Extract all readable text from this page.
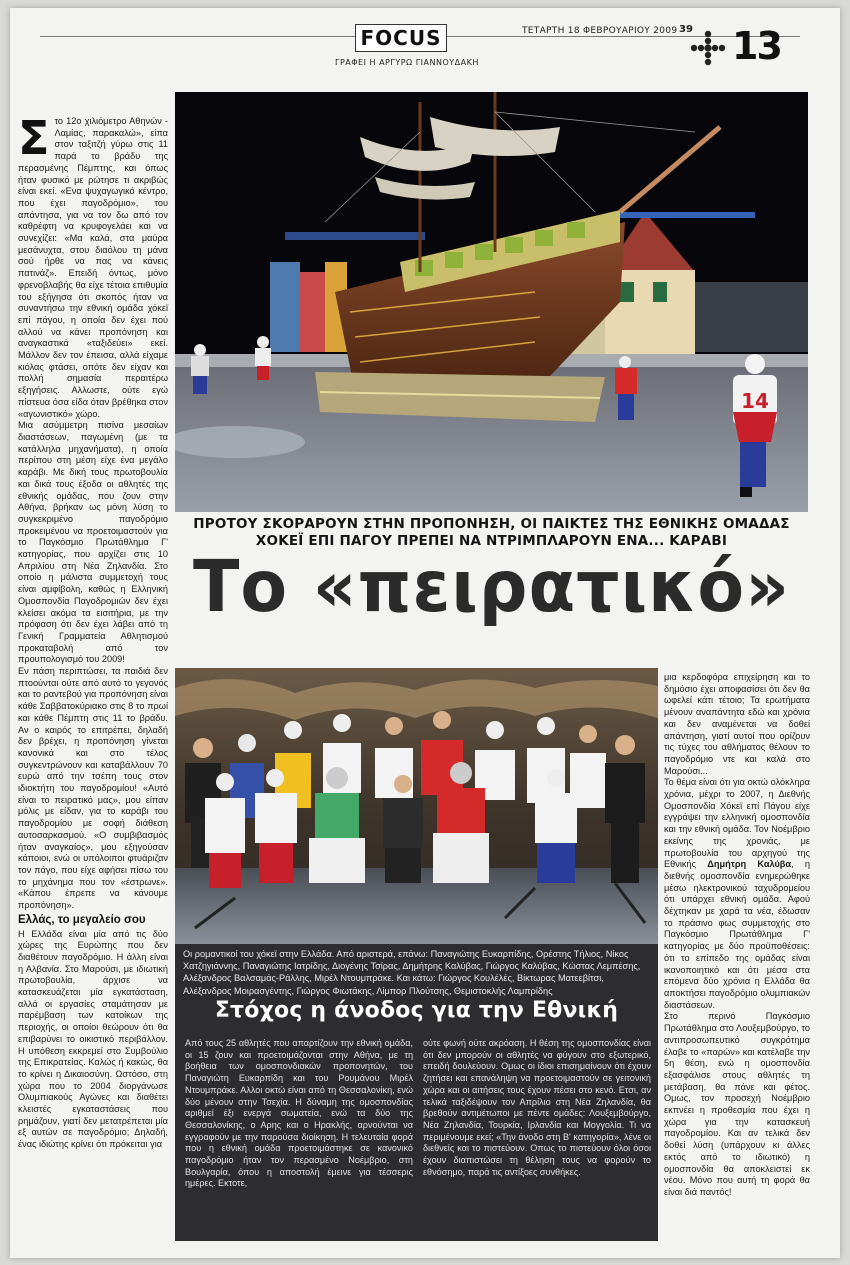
FOCUS
ΓΡΑΦΕΙ Η ΑΡΓΥΡΩ ΓΙΑΝΝΟΥΔΑΚΗ
ΤΕΤΑΡΤΗ 18 ΦΕΒΡΟΥΑΡΙΟΥ 2009 39 13
Σ το 12ο χιλιόμετρο Αθηνών - Λαμίας, παρακαλώ», είπα στον ταξιτζή γύρω στις 11 παρά το βράδυ της περασμένης Πέμπτης, και όπως ήταν φυσικό με ρώτησε τι ακριβώς είναι εκεί. «Ενα ψυχαγωγικό κέντρο, που έχει παγοδρόμιο», του απάντησα, για να τον δω από τον καθρέφτη να κρυφογελάει και να συνεχίζει: «Μα καλά, στα μαύρα μεσάνυχτα, στου διαόλου τη μάνα σού ήρθε να πας να κάνεις πατινάζ». Επειδή όντως, μόνο φρενοβλαβής θα είχε τέτοια επιθυμία του εξήγησα ότι σκοπός ήταν να συναντήσω την εθνική ομάδα χόκεϊ επί πάγου, η οποία δεν έχει πού αλλού να κάνει προπόνηση και αναγκαστικά «ταξιδεύει» εκεί. Μάλλον δεν τον έπεισα, αλλά είχαμε κιόλας φτάσει, οπότε δεν είχαν και πολλή σημασία περαιτέρω εξηγήσεις. Αλλωστε, ούτε εγώ πίστευα όσα είδα όταν βρέθηκα στον «αγωνιστικό» χώρο.

Μια ασύμμετρη πισίνα μεσαίων διαστάσεων, παγωμένη (με τα κατάλληλα μηχανήματα), η οποία περίπου στη μέση είχε ένα μεγάλο καράβι. Με δική τους πρωτοβουλία και δικά τους έξοδα οι αθλητές της εθνικής ομάδας, που ζουν στην Αθήνα, βρήκαν ως μόνη λύση το συγκεκριμένο παγοδρόμιο προκειμένου να προετοιμαστούν για το Παγκόσμιο Πρωτάθλημα Γ' κατηγορίας, που αρχίζει στις 10 Απριλίου στη Νέα Ζηλανδία. Στο οποίο η μάλιστα συμμετοχή τους είναι αμφίβολη, καθώς η Ελληνική Ομοσπονδία Παγοδρομιών δεν έχει κλείσει ακόμα τα εισιτήρια, με την πρόφαση ότι δεν έχει λάβει από τη Γενική Γραμματεία Αθλητισμού προκαταβολή από τον προυπολογισμό του 2009!

Εν πάση περιπτώσει, τα παιδιά δεν πτοούνται ούτε από αυτό το γεγονός και το ραντεβού για προπόνηση είναι κάθε Σαββατοκύριακο στις 8 το πρωί και κάθε Πέμπτη στις 11 το βράδυ. Αν ο καιρός το επιτρέπει, δηλαδή δεν βρέχει, η προπόνηση γίνεται κανονικά και στο τέλος συγκεντρώνουν και καταβάλλουν 70 ευρώ από την τσέπη τους στον ιδιοκτήτη του παγοδρομίου! «Αυτό είναι το πειρατικό μας», μου είπαν μόλις με είδαν, για το καράβι του παγοδρομίου με σοφή διάθεση αυτοσαρκασμού. «Ο συμβιβασμός ήταν αναγκαίος», μου εξηγούσαν κάποιοι, ενώ οι υπόλοιποι φτυάριζαν τον πάγο, που είχε αφήσει πίσω του το μηχάνημα που τον «έστρωνε». «Κάπου έπρεπε να κάνουμε προπόνηση».

Ελλάς, το μεγαλείο σου

Η Ελλάδα είναι μία από τις δύο χώρες της Ευρώπης που δεν διαθέτουν παγοδρόμιο. Η άλλη είναι η Αλβανία. Στο Μαρούσι, με ιδιωτική πρωτοβουλία, άρχισε να κατασκευάζεται μία εγκατάσταση, αλλά οι εργασίες σταμάτησαν με παρέμβαση των κατοίκων της περιοχής, οι οποίοι θεώρουν ότι θα επιβαρύνει το οικιστικό περιβάλλον. Η υπόθεση εκκρεμεί στο Συμβούλιο της Επικρατείας. Καλώς ή κακώς, θα το κρίνει η Δικαιοσύνη. Ωστόσο, στη χώρα που το 2004 διοργάνωσε Ολυμπιακούς Αγώνες και διαθέτει κλειστές εγκαταστάσεις που ρημάζουν, γιατί δεν μετατρέπεται μία εξ αυτών σε παγοδρόμιο; Δηλαδή, ένας ιδιώτης κρίνει ότι πρόκειται για

14
ΠΡΟΤΟΥ ΣΚΟΡΑΡΟΥΝ ΣΤΗΝ ΠΡΟΠΟΝΗΣΗ, ΟΙ ΠΑΙΚΤΕΣ ΤΗΣ ΕΘΝΙΚΗΣ ΟΜΑΔΑΣ
ΧΟΚΕΪ ΕΠΙ ΠΑΓΟΥ ΠΡΕΠΕΙ ΝΑ ΝΤΡΙΜΠΛΑΡΟΥΝ ΕΝΑ... ΚΑΡΑΒΙ
Το «πειρατικό»
Οι ρομαντικοί του χόκεϊ στην Ελλάδα. Από αριστερά, επάνω: Παναγιώτης Ευκαρπίδης, Ορέστης Τήλιος, Νίκος Χατζηγιάννης, Παναγιώτης Ιατρίδης, Διογένης Τσίρας, Δημήτρης Καλύβας, Γιώργος Καλύβας, Κώστας Λεμπέσης, Αλέξανδρος Βαλσαμάς-Ράλλης, Μιρέλ Ντουμπράκε. Και κάτω: Γιώργος Κουλέλές, Βίκτωρας Ματεεβίτσι, Αλέξανδρος Μοιρασγέντης, Γιώργος Φιωτάκης, Λίμπορ Πλούτσης, Θεμιστοκλής Λαμπρίδης
Στόχος η άνοδος για την Εθνική

Από τους 25 αθλητές που απαρτίζουν την εθνική ομάδα, οι 15 ζουν και προετοιμάζονται στην Αθήνα, με τη βοήθεια των ομοσπονδιακών προπονητών, του Παναγιώτη Ευκαρπίδη και του Ρουμάνου Μιρέλ Ντουμπράκε. Αλλοι οκτώ είναι από τη Θεσσαλονίκη, ενώ δύο μένουν στην Τσεχία. Η δύναμη της ομοσπονδίας αριθμεί έξι ενεργά σωματεία, ενώ τα δύο της Θεσσαλονίκης, ο Αρης και ο Ηρακλής, αρνούνται να εγγραφούν με την παρούσα διοίκηση. Η τελευταία φορά που η εθνική ομάδα προετοιμάστηκε σε κανονικό παγοδρόμιο ήταν τον περασμένο Νοέμβριο, στη Βουλγαρία, όπου η αποστολή έμεινε για τέσσερις ημέρες. Εκτοτε,

ούτε φωνή ούτε ακρόαση. Η θέση της ομοσπονδίας είναι ότι δεν μπορούν οι αθλητές να φύγουν στο εξωτερικό, επειδή δουλεύουν. Ομως οι ίδιοι επισημαίνουν ότι έχουν ζητήσει και επανάληψη να προετοιμαστούν σε γειτονική χώρα και οι αιτήσεις τους έχουν πέσει στο κενό. Ετσι, αν τελικά ταξιδέψουν τον Απρίλιο στη Νέα Ζηλανδία, θα βρεθούν αντιμέτωποι με πέντε ομάδες: Λουξεμβούργο, Νέα Ζηλανδία, Τουρκία, Ιρλανδία και Μογγολία. Τι να περιμένουμε εκεί; «Την άνοδο στη Β' κατηγορία», λένε οι διεθνείς και το πιστεύουν. Οπως το πιστεύουν όλοι όσοι έχουν διαπιστώσει τη θέληση τους να φορούν το εθνόσημο, παρά τις αντίξοες συνθήκες.

μια κερδοφόρα επιχείρηση και το δημόσιο έχει αποφασίσει ότι δεν θα ωφελεί κάτι τέτοιο; Τα ερωτήματα μένουν αναπάντητα εδώ και χρόνια και δεν αναμένεται να δοθεί απάντηση, γιατί αυτοί που ορίζουν τις τύχες του αθλήματος θέλουν το παγοδρόμιο ντε και καλά στο Μαρούσι...
Το θέμα είναι ότι για οκτώ ολόκληρα χρόνια, μέχρι το 2007, η Διεθνής Ομοσπονδία Χόκεϊ επί Πάγου είχε εγγράψει την ελληνική ομοσπονδία και την εθνική ομάδα. Τον Νοέμβριο εκείνης της χρονιάς, με πρωτοβουλία του αρχηγού της Εθνικής Δημήτρη Καλύβα, η διεθνής ομοσπονδία ενημερώθηκε μέσω ηλεκτρονικού ταχυδρομείου ότι υπάρχει εθνική ομάδα. Αφού δέχτηκαν με χαρά τα νέα, έδωσαν το πράσινο φως συμμετοχής στο Παγκόσμιο Πρωτάθλημα Γ' κατηγορίας με δύο προϋποθέσεις: ότι το επίπεδο της ομάδας είναι ικανοποιητικό και ότι μέσα στα επόμενα δύο χρόνια η Ελλάδα θα αποκτήσει παγοδρόμιο ολυμπιακών διαστάσεων.
Στο περινό Παγκόσμιο Πρωτάθλημα στο Λουξεμβούργο, το αντιπροσωπευτικό συγκρότημα έλαβε το «παρών» και κατέλαβε την 5η θέση, ενώ η ομοσπονδία εξασφάλισε στους αθλητές τη μετάβαση, θα πάνε και φέτος. Ομως, τον προσεχή Νοέμβριο εκπνέει η προθεσμία που έχει η χώρα για την κατασκευή παγοδρομίου. Και αν τελικά δεν δοθεί λύση (υπάρχουν κι άλλες εκτός από το ιδιωτικό) η ομοσπονδία θα αποκλειστεί εκ νέου. Μόνο που αυτή τη φορά θα είναι διά παντός!
